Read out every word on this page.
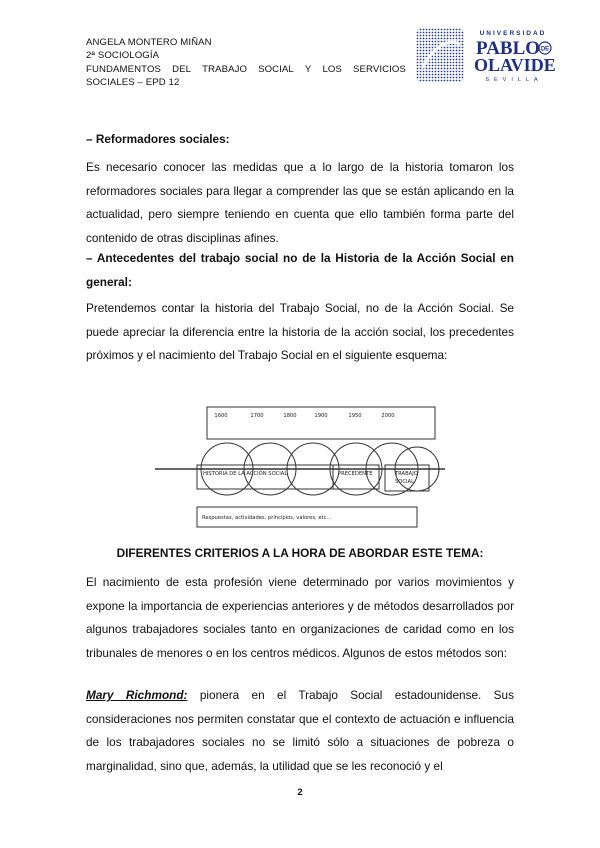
ANGELA MONTERO MIÑAN
2ª SOCIOLOGÍA
FUNDAMENTOS DEL TRABAJO SOCIAL Y LOS SERVICIOS
SOCIALES – EPD 12
UNIVERSIDAD
PABLO DE
OLAVIDE
SEVILLA
– Reformadores sociales:
Es necesario conocer las medidas que a lo largo de la historia tomaron los reformadores sociales para llegar a comprender las que se están aplicando en la actualidad, pero siempre teniendo en cuenta que ello también forma parte del contenido de otras disciplinas afines.
– Antecedentes del trabajo social no de la Historia de la Acción Social en general:
Pretendemos contar la historia del Trabajo Social, no de la Acción Social. Se puede apreciar la diferencia entre la historia de la acción social, los precedentes próximos y el nacimiento del Trabajo Social en el siguiente esquema:
1600	1700	1800	1900	1950	2000
HISTORIA DE LA ACCIÓN SOCIAL	PRECEDENTE	TRABAJO
SOCIAL
Respuestas, actividades, principios, valores, etc...
DIFERENTES CRITERIOS A LA HORA DE ABORDAR ESTE TEMA:
El nacimiento de esta profesión viene determinado por varios movimientos y expone la importancia de experiencias anteriores y de métodos desarrollados por algunos trabajadores sociales tanto en organizaciones de caridad como en los tribunales de menores o en los centros médicos. Algunos de estos métodos son:
Mary Richmond: pionera en el Trabajo Social estadounidense. Sus consideraciones nos permiten constatar que el contexto de actuación e influencia de los trabajadores sociales no se limitó sólo a situaciones de pobreza o marginalidad, sino que, además, la utilidad que se les reconoció y el
2
